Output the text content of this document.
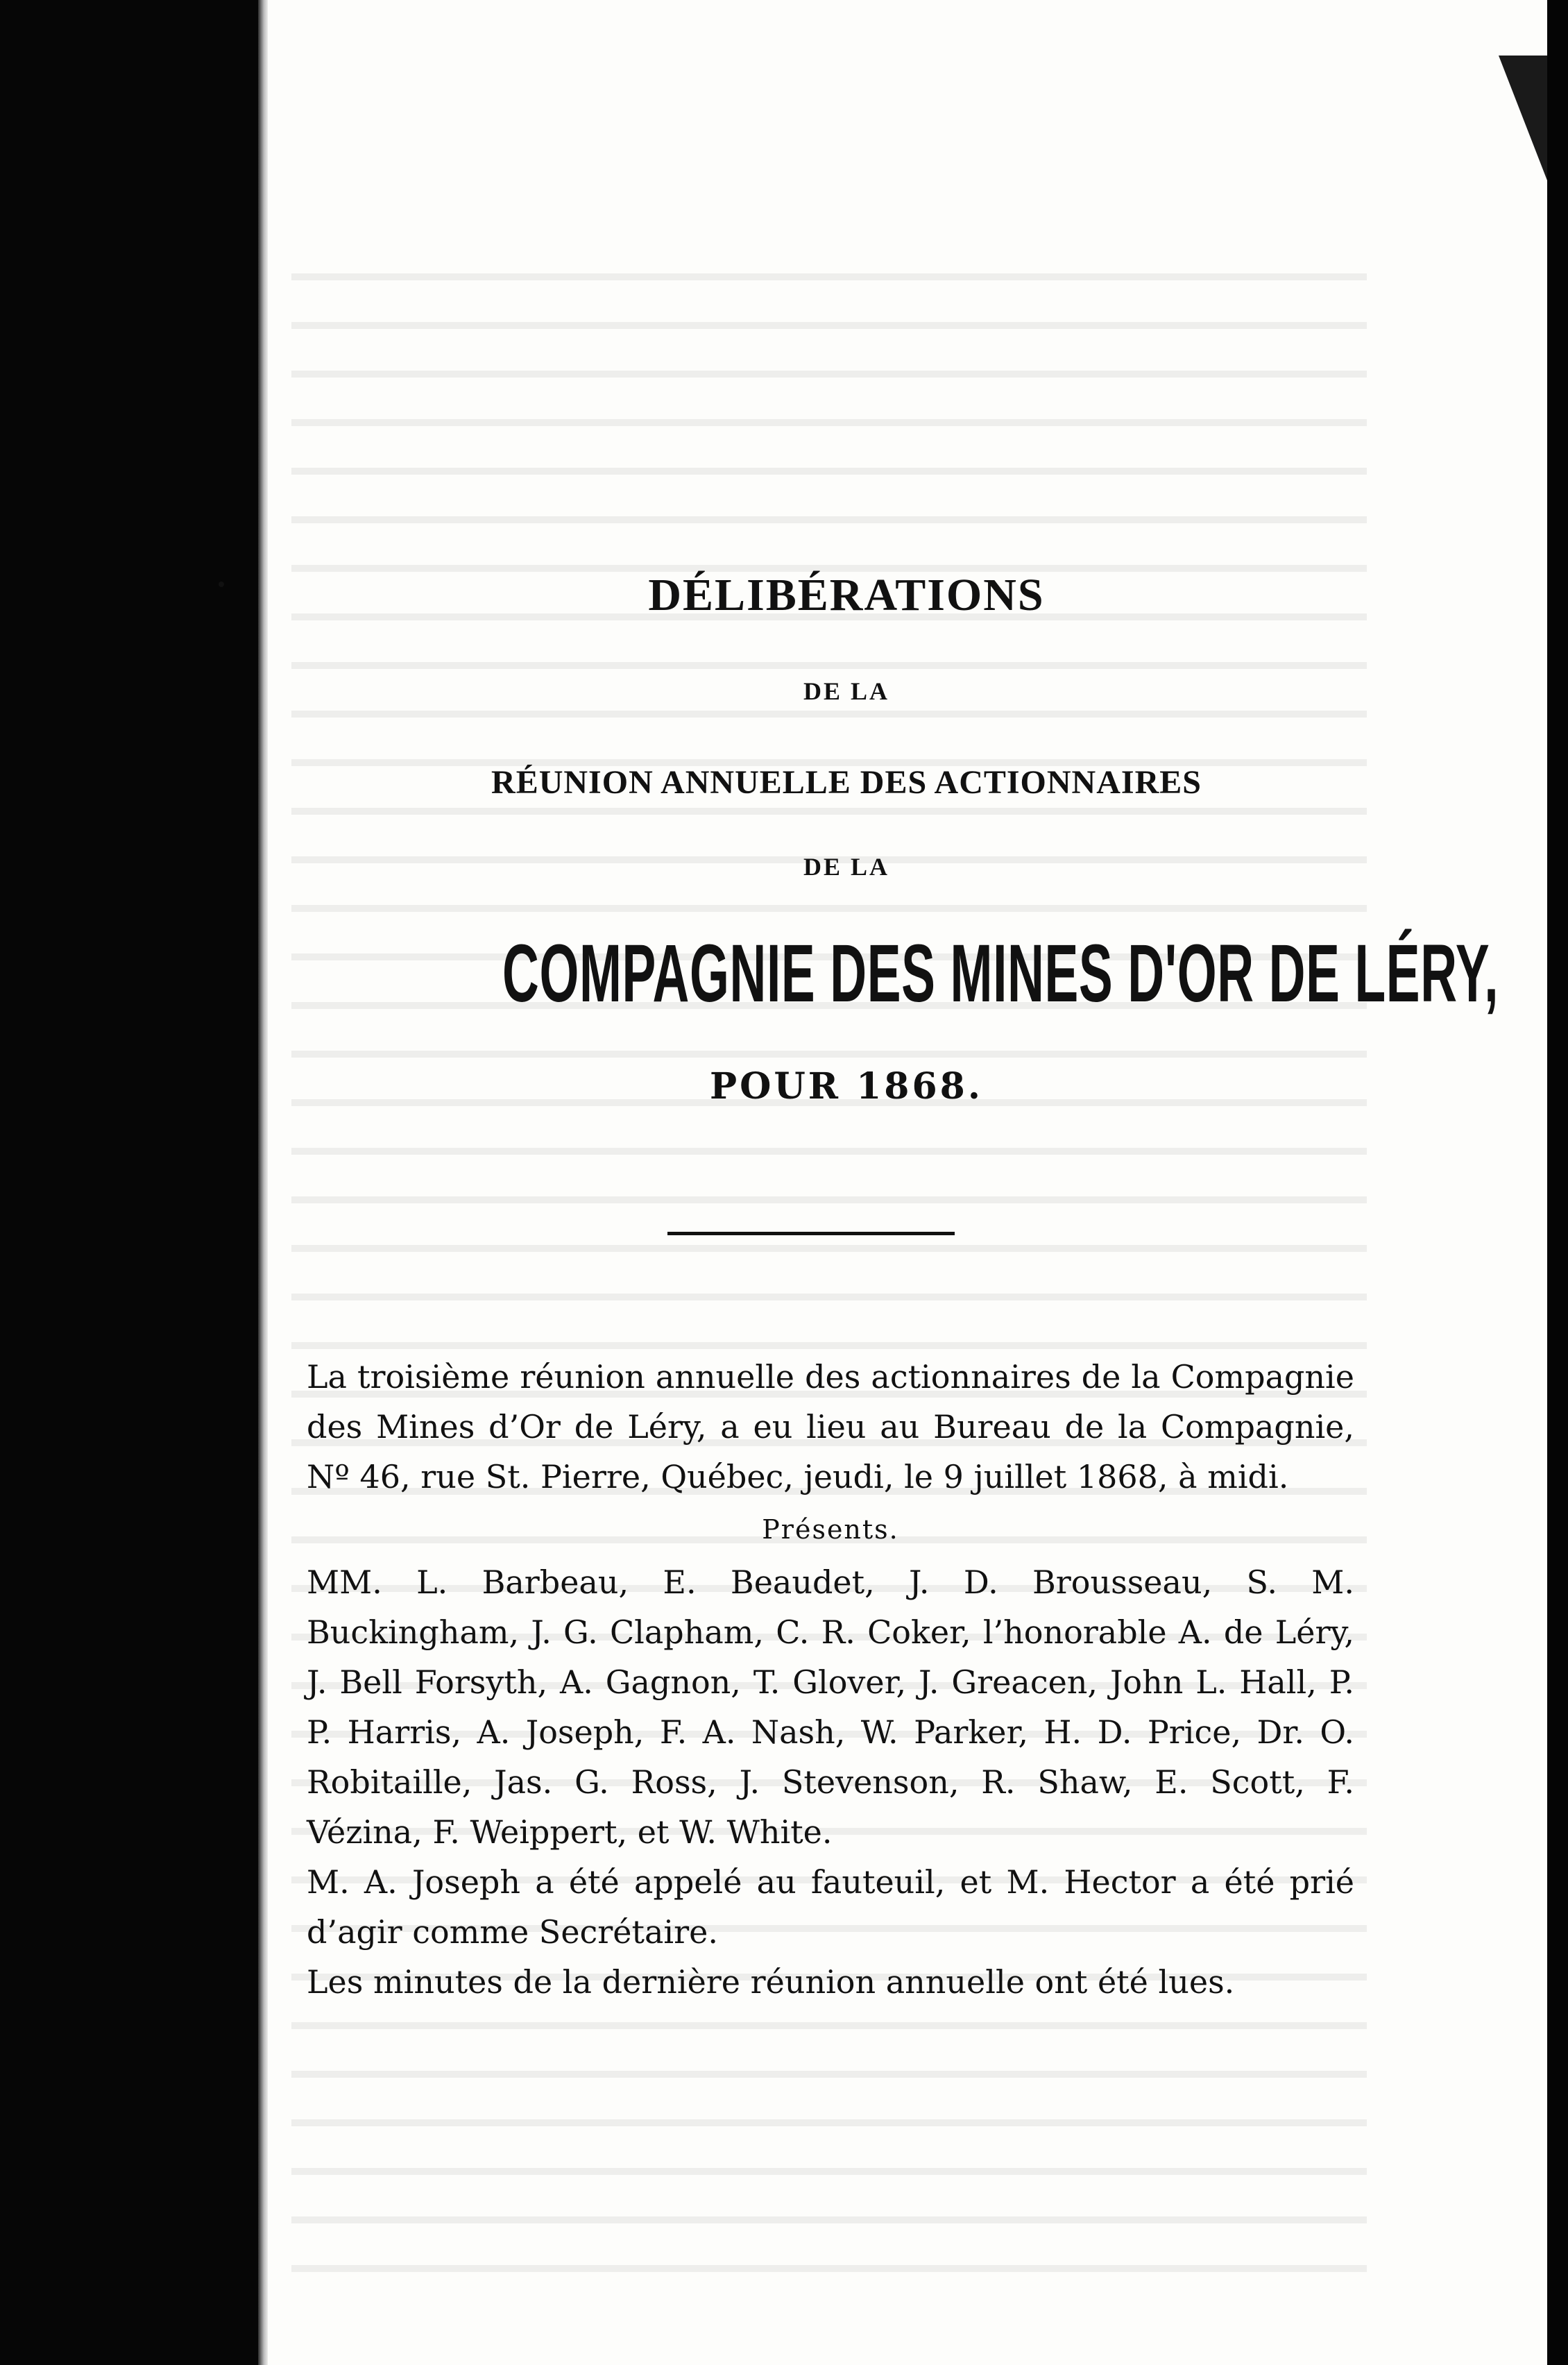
DÉLIBÉRATIONS
DE LA
RÉUNION ANNUELLE DES ACTIONNAIRES
DE LA
COMPAGNIE DES MINES D'OR DE LÉRY,
POUR 1868.

La troisième réunion annuelle des actionnaires de la Compagnie des Mines d’Or de Léry, a eu lieu au Bureau de la Compagnie, Nº 46, rue St. Pierre, Québec, jeudi, le 9 juillet 1868, à midi.

Présents.

MM. L. Barbeau, E. Beaudet, J. D. Brousseau, S. M. Buckingham, J. G. Clapham, C. R. Coker, l’honorable A. de Léry, J. Bell Forsyth, A. Gagnon, T. Glover, J. Greacen, John L. Hall, P. P. Harris, A. Joseph, F. A. Nash, W. Parker, H. D. Price, Dr. O. Robitaille, Jas. G. Ross, J. Stevenson, R. Shaw, E. Scott, F. Vézina, F. Weippert, et W. White.

M. A. Joseph a été appelé au fauteuil, et M. Hector a été prié d’agir comme Secrétaire.

Les minutes de la dernière réunion annuelle ont été lues.
